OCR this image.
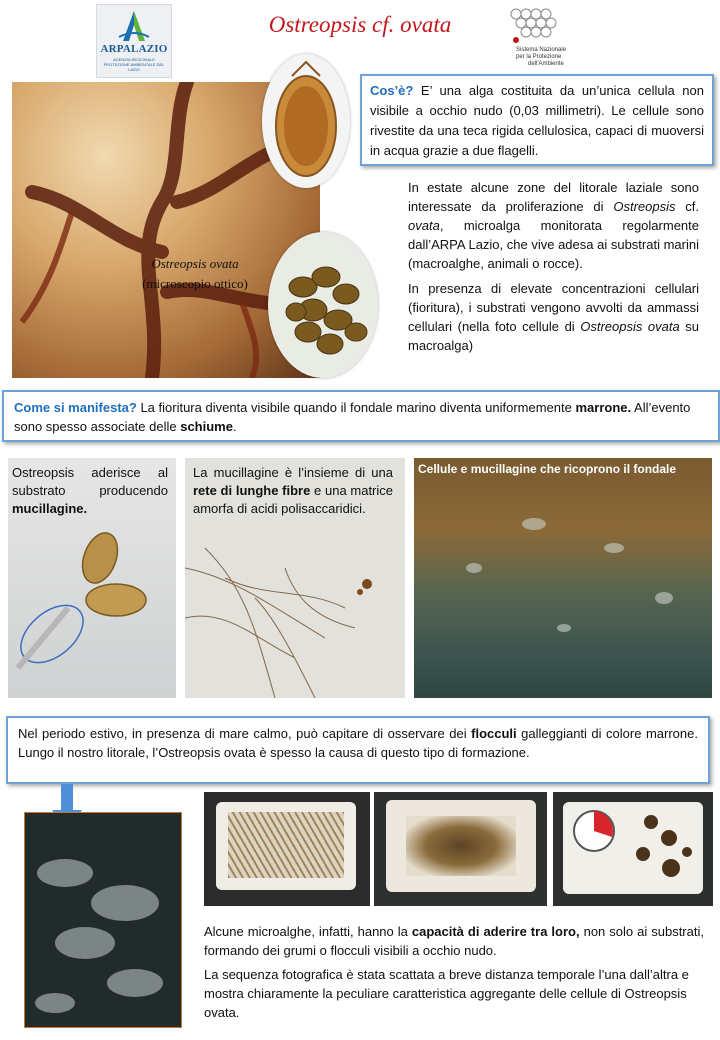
ARPALAZIO
AGENZIA REGIONALE PROTEZIONE AMBIENTALE DEL LAZIO
Ostreopsis cf. ovata
Sistema Nazionale
per la Protezione
dell'Ambiente
Ostreopsis ovata
(microscopio ottico)

Cos’è? E’ una alga costituita da un’unica cellula non visibile a occhio nudo (0,03 millimetri). Le cellule sono rivestite da una teca rigida cellulosica, capaci di muoversi in acqua grazie a due flagelli.

In estate alcune zone del litorale laziale sono interessate da proliferazione di Ostreopsis cf. ovata, microalga monitorata regolarmente dall’ARPA Lazio, che vive adesa ai substrati marini (macroalghe, animali o rocce).

In presenza di elevate concentrazioni cellulari (fioritura), i substrati vengono avvolti da ammassi cellulari (nella foto cellule di Ostreopsis ovata su macroalga)

Come si manifesta? La fioritura diventa visibile quando il fondale marino diventa uniformemente marrone. All’evento sono spesso associate delle schiume.

Ostreopsis aderisce al substrato producendo mucillagine.

La mucillagine è l’insieme di una rete di lunghe fibre e una matrice amorfa di acidi polisaccaridici.

Cellule e mucillagine che ricoprono il fondale

Nel periodo estivo, in presenza di mare calmo, può capitare di osservare dei flocculi galleggianti di colore marrone. Lungo il nostro litorale, l’Ostreopsis ovata è spesso la causa di questo tipo di formazione.

Alcune microalghe, infatti, hanno la capacità di aderire tra loro, non solo ai substrati, formando dei grumi o flocculi visibili a occhio nudo.

La sequenza fotografica è stata scattata a breve distanza temporale l’una dall’altra e mostra chiaramente la peculiare caratteristica aggregante delle cellule di Ostreopsis ovata.
